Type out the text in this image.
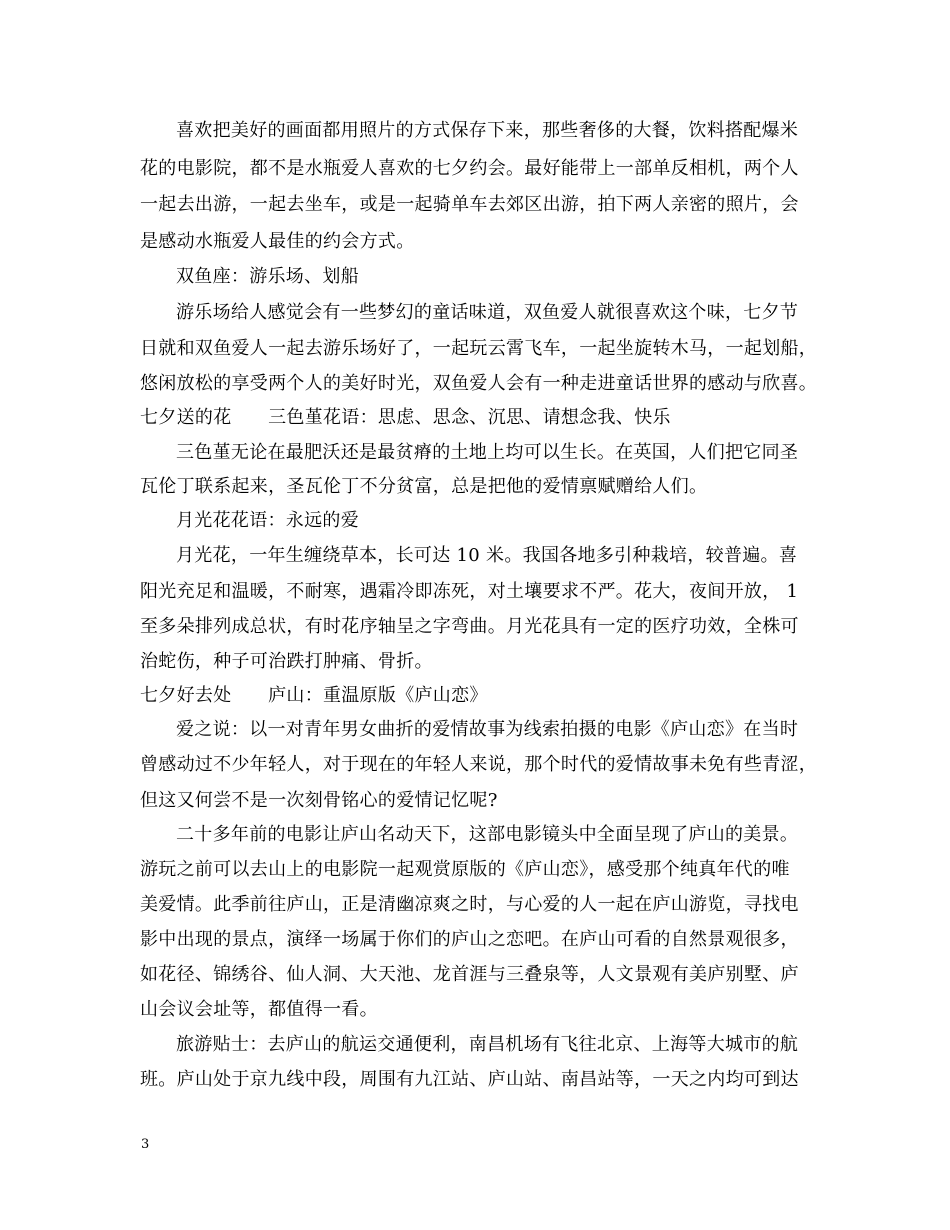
喜欢把美好的画面都用照片的方式保存下来，那些奢侈的大餐，饮料搭配爆米
花的电影院，都不是水瓶爱人喜欢的七夕约会。最好能带上一部单反相机，两个人
一起去出游，一起去坐车，或是一起骑单车去郊区出游，拍下两人亲密的照片，会
是感动水瓶爱人最佳的约会方式。
双鱼座：游乐场、划船
游乐场给人感觉会有一些梦幻的童话味道，双鱼爱人就很喜欢这个味，七夕节
日就和双鱼爱人一起去游乐场好了，一起玩云霄飞车，一起坐旋转木马，一起划船，
悠闲放松的享受两个人的美好时光，双鱼爱人会有一种走进童话世界的感动与欣喜。
七夕送的花　　三色堇花语：思虑、思念、沉思、请想念我、快乐
三色堇无论在最肥沃还是最贫瘠的土地上均可以生长。在英国，人们把它同圣
瓦伦丁联系起来，圣瓦伦丁不分贫富，总是把他的爱情禀赋赠给人们。
月光花花语：永远的爱
月光花，一年生缠绕草本，长可达 10 米。我国各地多引种栽培，较普遍。喜
阳光充足和温暖，不耐寒，遇霜冷即冻死，对土壤要求不严。花大，夜间开放， 1
至多朵排列成总状，有时花序轴呈之字弯曲。月光花具有一定的医疗功效，全株可
治蛇伤，种子可治跌打肿痛、骨折。
七夕好去处　　庐山：重温原版《庐山恋》
爱之说：以一对青年男女曲折的爱情故事为线索拍摄的电影《庐山恋》在当时
曾感动过不少年轻人，对于现在的年轻人来说，那个时代的爱情故事未免有些青涩，
但这又何尝不是一次刻骨铭心的爱情记忆呢?
二十多年前的电影让庐山名动天下，这部电影镜头中全面呈现了庐山的美景。
游玩之前可以去山上的电影院一起观赏原版的《庐山恋》，感受那个纯真年代的唯
美爱情。此季前往庐山，正是清幽凉爽之时，与心爱的人一起在庐山游览，寻找电
影中出现的景点，演绎一场属于你们的庐山之恋吧。在庐山可看的自然景观很多，
如花径、锦绣谷、仙人洞、大天池、龙首涯与三叠泉等，人文景观有美庐别墅、庐
山会议会址等，都值得一看。
旅游贴士：去庐山的航运交通便利，南昌机场有飞往北京、上海等大城市的航
班。庐山处于京九线中段，周围有九江站、庐山站、南昌站等，一天之内均可到达
3
